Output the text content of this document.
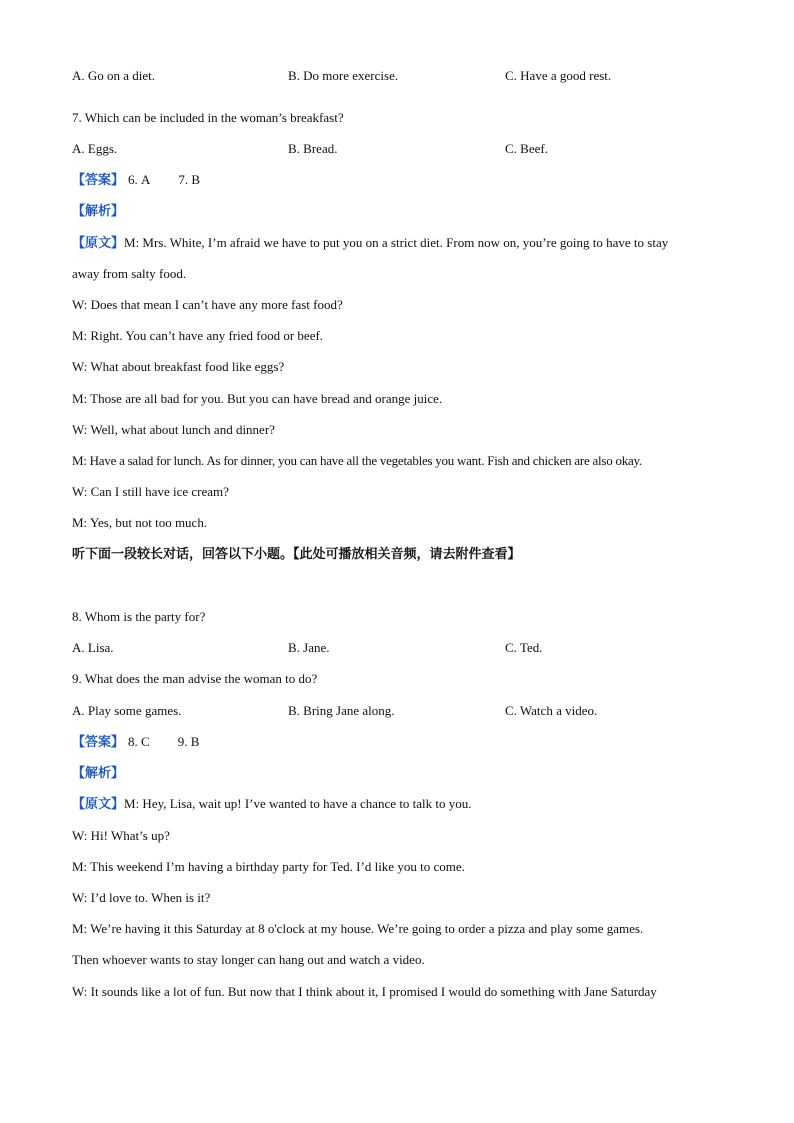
A. Go on a diet.	B. Do more exercise.	C. Have a good rest.
7. Which can be included in the woman’s breakfast?
A. Eggs.	B. Bread.	C. Beef.
【答案】 6. A 7. B
【解析】
【原文】M: Mrs. White, I’m afraid we have to put you on a strict diet. From now on, you’re going to have to stay
away from salty food.
W: Does that mean I can’t have any more fast food?
M: Right. You can’t have any fried food or beef.
W: What about breakfast food like eggs?
M: Those are all bad for you. But you can have bread and orange juice.
W: Well, what about lunch and dinner?
M: Have a salad for lunch. As for dinner, you can have all the vegetables you want. Fish and chicken are also okay.
W: Can I still have ice cream?
M: Yes, but not too much.
听下面一段较长对话，回答以下小题。【此处可播放相关音频，请去附件查看】
8. Whom is the party for?
A. Lisa.	B. Jane.	C. Ted.
9. What does the man advise the woman to do?
A. Play some games.	B. Bring Jane along.	C. Watch a video.
【答案】 8. C 9. B
【解析】
【原文】M: Hey, Lisa, wait up! I’ve wanted to have a chance to talk to you.
W: Hi! What’s up?
M: This weekend I’m having a birthday party for Ted. I’d like you to come.
W: I’d love to. When is it?
M: We’re having it this Saturday at 8 o'clock at my house. We’re going to order a pizza and play some games.
Then whoever wants to stay longer can hang out and watch a video.
W: It sounds like a lot of fun. But now that I think about it, I promised I would do something with Jane Saturday
